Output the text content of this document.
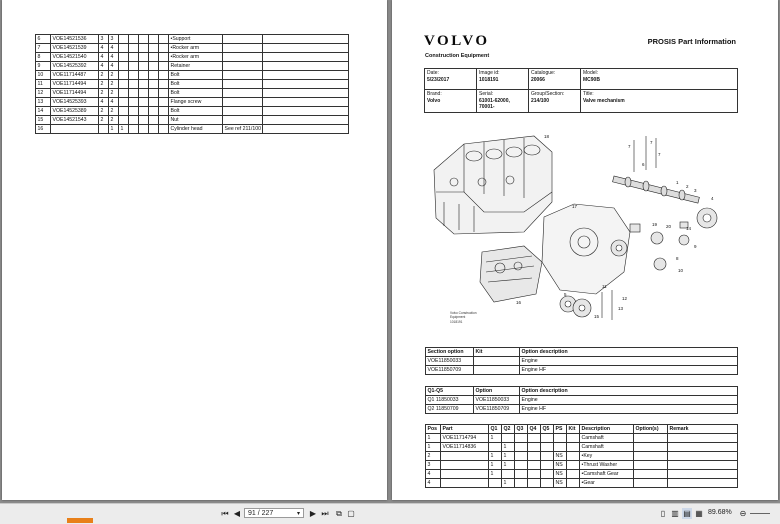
6	VOE14521536	3	3						•Support		
7	VOE14521539	4	4						•Rocker arm		
8	VOE14521540	4	4						•Rocker arm		
9	VOE14525392	4	4						Retainer		
10	VOE11714487	2	2						Bolt		
11	VOE11714494	2	2						Bolt		
12	VOE11714494	2	2						Bolt		
13	VOE14525393	4	4						Flange screw		
14	VOE14525389	2	2						Bolt		
15	VOE14521543	2	2						Nut		
16			1	1					Cylinder head	See ref 211/100	
VOLVO	PROSIS Part Information
Construction Equipment
Date:
5/23/2017	Image id:
1018191	Catalogue:
20066	Model:
MC90B

Brand:
Volvo	Serial:
61001-62000, 70001-	Group/Section:
214/100	Title:
Valve mechanism
18
7
7
7
6
1
2
3
4
17
20
19
14
8
9
10
11
12
13
15
16
5
Volvo Construction
Equipment
1018191
Section option	Kit	Option description
VOE11850033		Engine
VOE11850709		Engine HF
Q1-Q5	Option	Option description
Q1 11850033	VOE11850033	Engine
Q2 11850709	VOE11850709	Engine HF
Pos	Part	Q1	Q2	Q3	Q4	Q5	PS	Kit	Description	Option(s)	Remark
1	VOE11714794	1							Camshaft		
1	VOE11714836		1						Camshaft		
2		1	1				NS		•Key		
3		1	1				NS		•Thrust Washer		
4		1					NS		•Camshaft Gear		
4			1				NS		•Gear		
⏮ ◀	91 / 227	▾ ▶ ⏭ ⧉ ▢	▯ ▥ ▤ ▦ 89.68% ⊖
